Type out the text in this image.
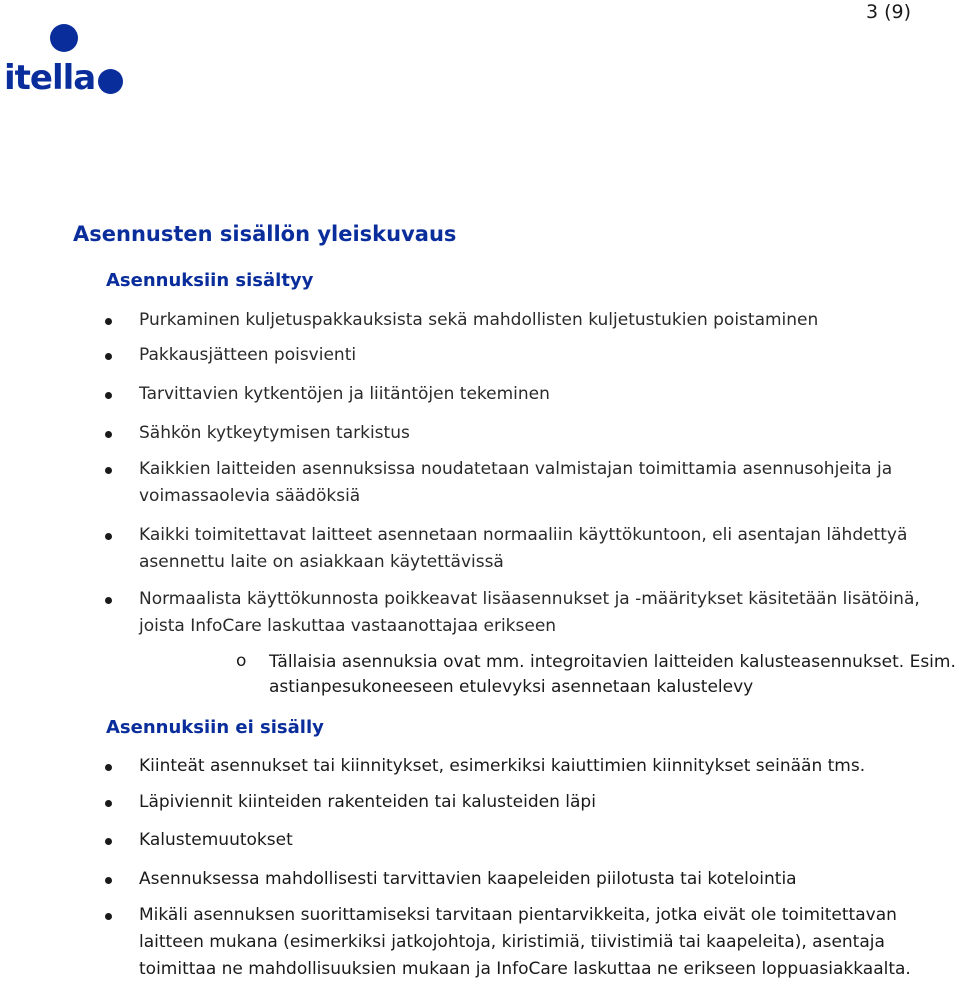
3 (9)
itella
Asennusten sisällön yleiskuvaus
Asennuksiin sisältyy
Purkaminen kuljetuspakkauksista sekä mahdollisten kuljetustukien poistaminen
Pakkausjätteen poisvienti
Tarvittavien kytkentöjen ja liitäntöjen tekeminen
Sähkön kytkeytymisen tarkistus
Kaikkien laitteiden asennuksissa noudatetaan valmistajan toimittamia asennusohjeita ja voimassaolevia säädöksiä
Kaikki toimitettavat laitteet asennetaan normaaliin käyttökuntoon, eli asentajan lähdettyä asennettu laite on asiakkaan käytettävissä
Normaalista käyttökunnosta poikkeavat lisäasennukset ja -määritykset käsitetään lisätöinä, joista InfoCare laskuttaa vastaanottajaa erikseen
o Tällaisia asennuksia ovat mm. integroitavien laitteiden kalusteasennukset. Esim. astianpesukoneeseen etulevyksi asennetaan kalustelevy
Asennuksiin ei sisälly
Kiinteät asennukset tai kiinnitykset, esimerkiksi kaiuttimien kiinnitykset seinään tms.
Läpiviennit kiinteiden rakenteiden tai kalusteiden läpi
Kalustemuutokset
Asennuksessa mahdollisesti tarvittavien kaapeleiden piilotusta tai kotelointia
Mikäli asennuksen suorittamiseksi tarvitaan pientarvikkeita, jotka eivät ole toimitettavan laitteen mukana (esimerkiksi jatkojohtoja, kiristimiä, tiivistimiä tai kaapeleita), asentaja toimittaa ne mahdollisuuksien mukaan ja InfoCare laskuttaa ne erikseen loppuasiakkaalta.
